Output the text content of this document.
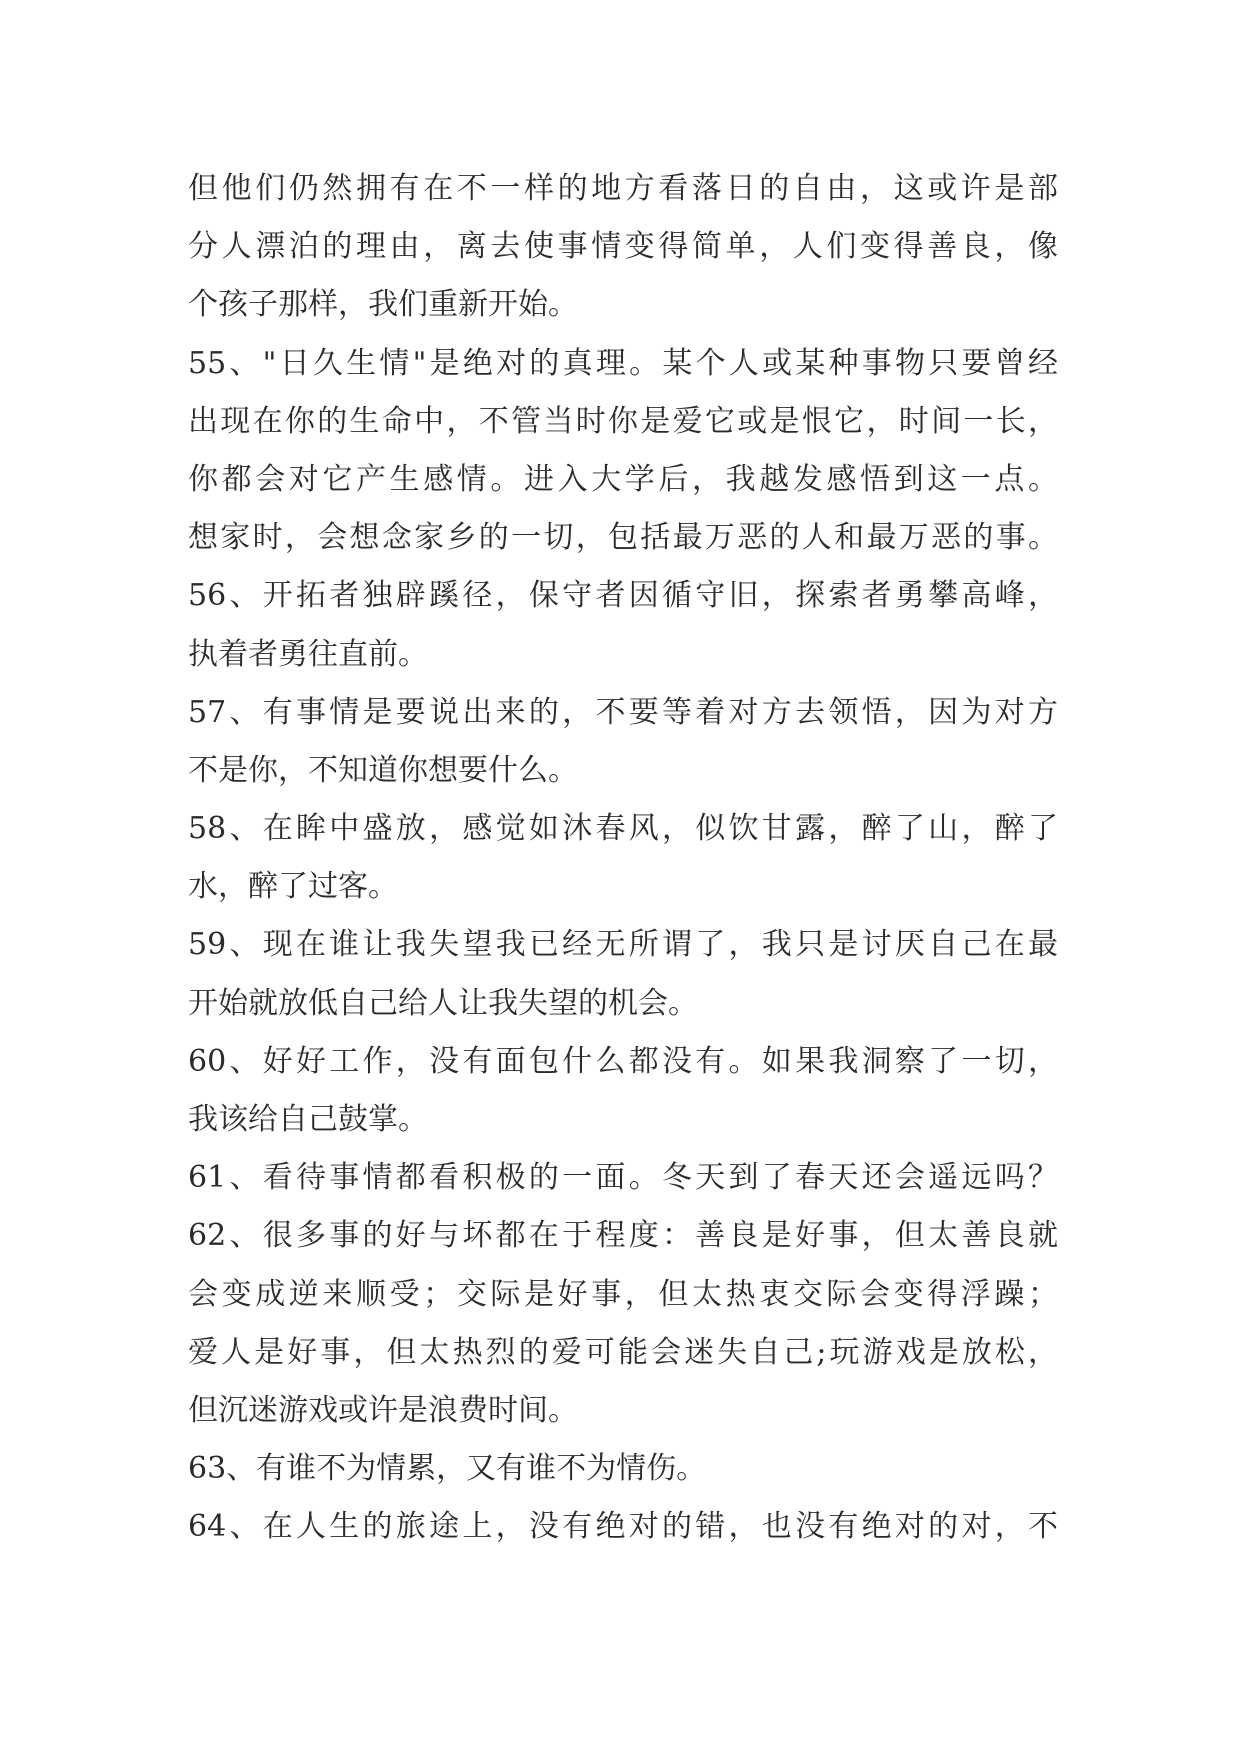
但他们仍然拥有在不一样的地方看落日的自由，这或许是部
分人漂泊的理由，离去使事情变得简单，人们变得善良，像
个孩子那样，我们重新开始。
55、"日久生情"是绝对的真理。某个人或某种事物只要曾经
出现在你的生命中，不管当时你是爱它或是恨它，时间一长，
你都会对它产生感情。进入大学后，我越发感悟到这一点。
想家时，会想念家乡的一切，包括最万恶的人和最万恶的事。
56、开拓者独辟蹊径，保守者因循守旧，探索者勇攀高峰，
执着者勇往直前。
57、有事情是要说出来的，不要等着对方去领悟，因为对方
不是你，不知道你想要什么。
58、在眸中盛放，感觉如沐春风，似饮甘露，醉了山，醉了
水，醉了过客。
59、现在谁让我失望我已经无所谓了，我只是讨厌自己在最
开始就放低自己给人让我失望的机会。
60、好好工作，没有面包什么都没有。如果我洞察了一切，
我该给自己鼓掌。
61、看待事情都看积极的一面。冬天到了春天还会遥远吗？
62、很多事的好与坏都在于程度：善良是好事，但太善良就
会变成逆来顺受；交际是好事，但太热衷交际会变得浮躁；
爱人是好事，但太热烈的爱可能会迷失自己;玩游戏是放松，
但沉迷游戏或许是浪费时间。
63、有谁不为情累，又有谁不为情伤。
64、在人生的旅途上，没有绝对的错，也没有绝对的对，不
